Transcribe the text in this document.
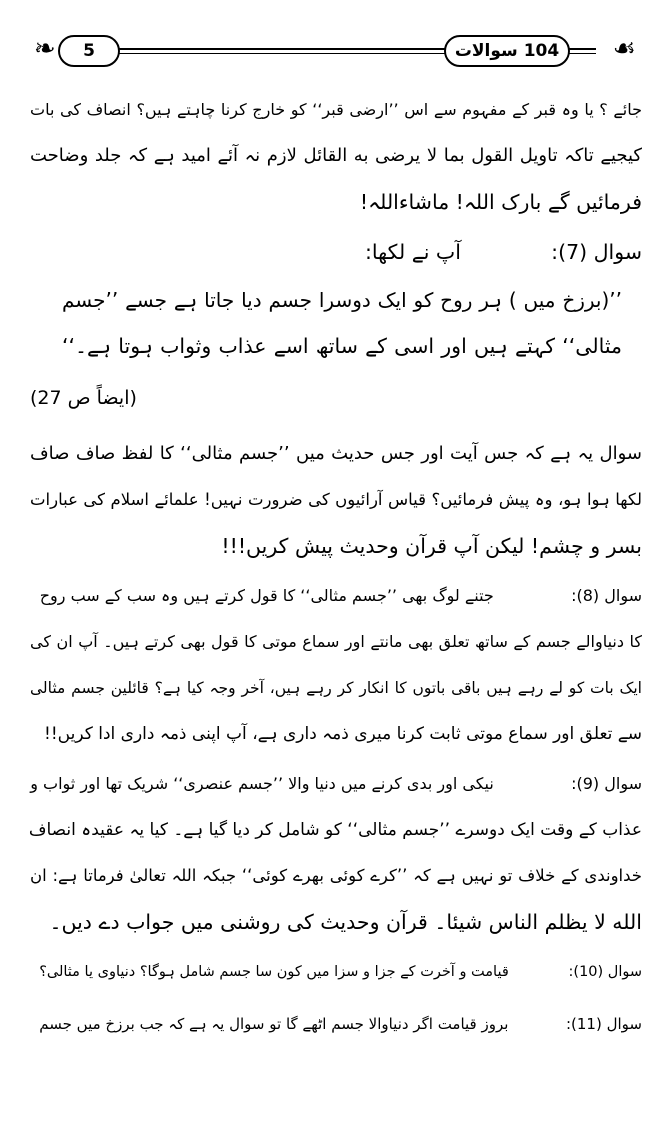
❧	☙
104 سوالات
5
جائے ؟ یا وہ قبر کے مفہوم سے اس ’’ارضی قبر‘‘ کو خارج کرنا چاہتے ہیں؟ انصاف کی بات
کیجیے تاکہ تاویل القول بما لا یرضی به القائل لازم نہ آئے امید ہے کہ جلد وضاحت
فرمائیں گے بارک اللہ! ماشاءاللہ!
سوال (7):  آپ نے لکھا:
’’(برزخ میں ) ہر روح کو ایک دوسرا جسم دیا جاتا ہے جسے ’’جسم
مثالی‘‘ کہتے ہیں اور اسی کے ساتھ اسے عذاب وثواب ہوتا ہے۔‘‘
(ایضاً ص 27)
سوال یہ ہے کہ جس آیت اور جس حدیث میں ’’جسم مثالی‘‘ کا لفظ صاف صاف
لکھا ہوا ہو، وہ پیش فرمائیں؟ قیاس آرائیوں کی ضرورت نہیں! علمائے اسلام کی عبارات
بسر و چشم! لیکن آپ قرآن وحدیث پیش کریں!!!
سوال (8):  جتنے لوگ بھی ’’جسم مثالی‘‘ کا قول کرتے ہیں وہ سب کے سب روح
کا دنیاوالے جسم کے ساتھ تعلق بھی مانتے اور سماع موتی کا قول بھی کرتے ہیں۔ آپ ان کی
ایک بات کو لے رہے ہیں باقی باتوں کا انکار کر رہے ہیں، آخر وجہ کیا ہے؟ قائلین جسم مثالی
سے تعلق اور سماع موتی ثابت کرنا میری ذمہ داری ہے، آپ اپنی ذمہ داری ادا کریں!!
سوال (9):  نیکی اور بدی کرنے میں دنیا والا ’’جسم عنصری‘‘ شریک تھا اور ثواب و
عذاب کے وقت ایک دوسرے ’’جسم مثالی‘‘ کو شامل کر دیا گیا ہے۔ کیا یہ عقیدہ انصاف
خداوندی کے خلاف تو نہیں ہے کہ ’’کرے کوئی بھرے کوئی‘‘ جبکہ اللہ تعالیٰ فرماتا ہے: ان
الله لا يظلم الناس شيئا۔ قرآن وحدیث کی روشنی میں جواب دے دیں۔
سوال (10):  قیامت و آخرت کے جزا و سزا میں کون سا جسم شامل ہوگا؟ دنیاوی یا مثالی؟
سوال (11):  بروز قیامت اگر دنیاوالا جسم اٹھے گا تو سوال یہ ہے کہ جب برزخ میں جسم
